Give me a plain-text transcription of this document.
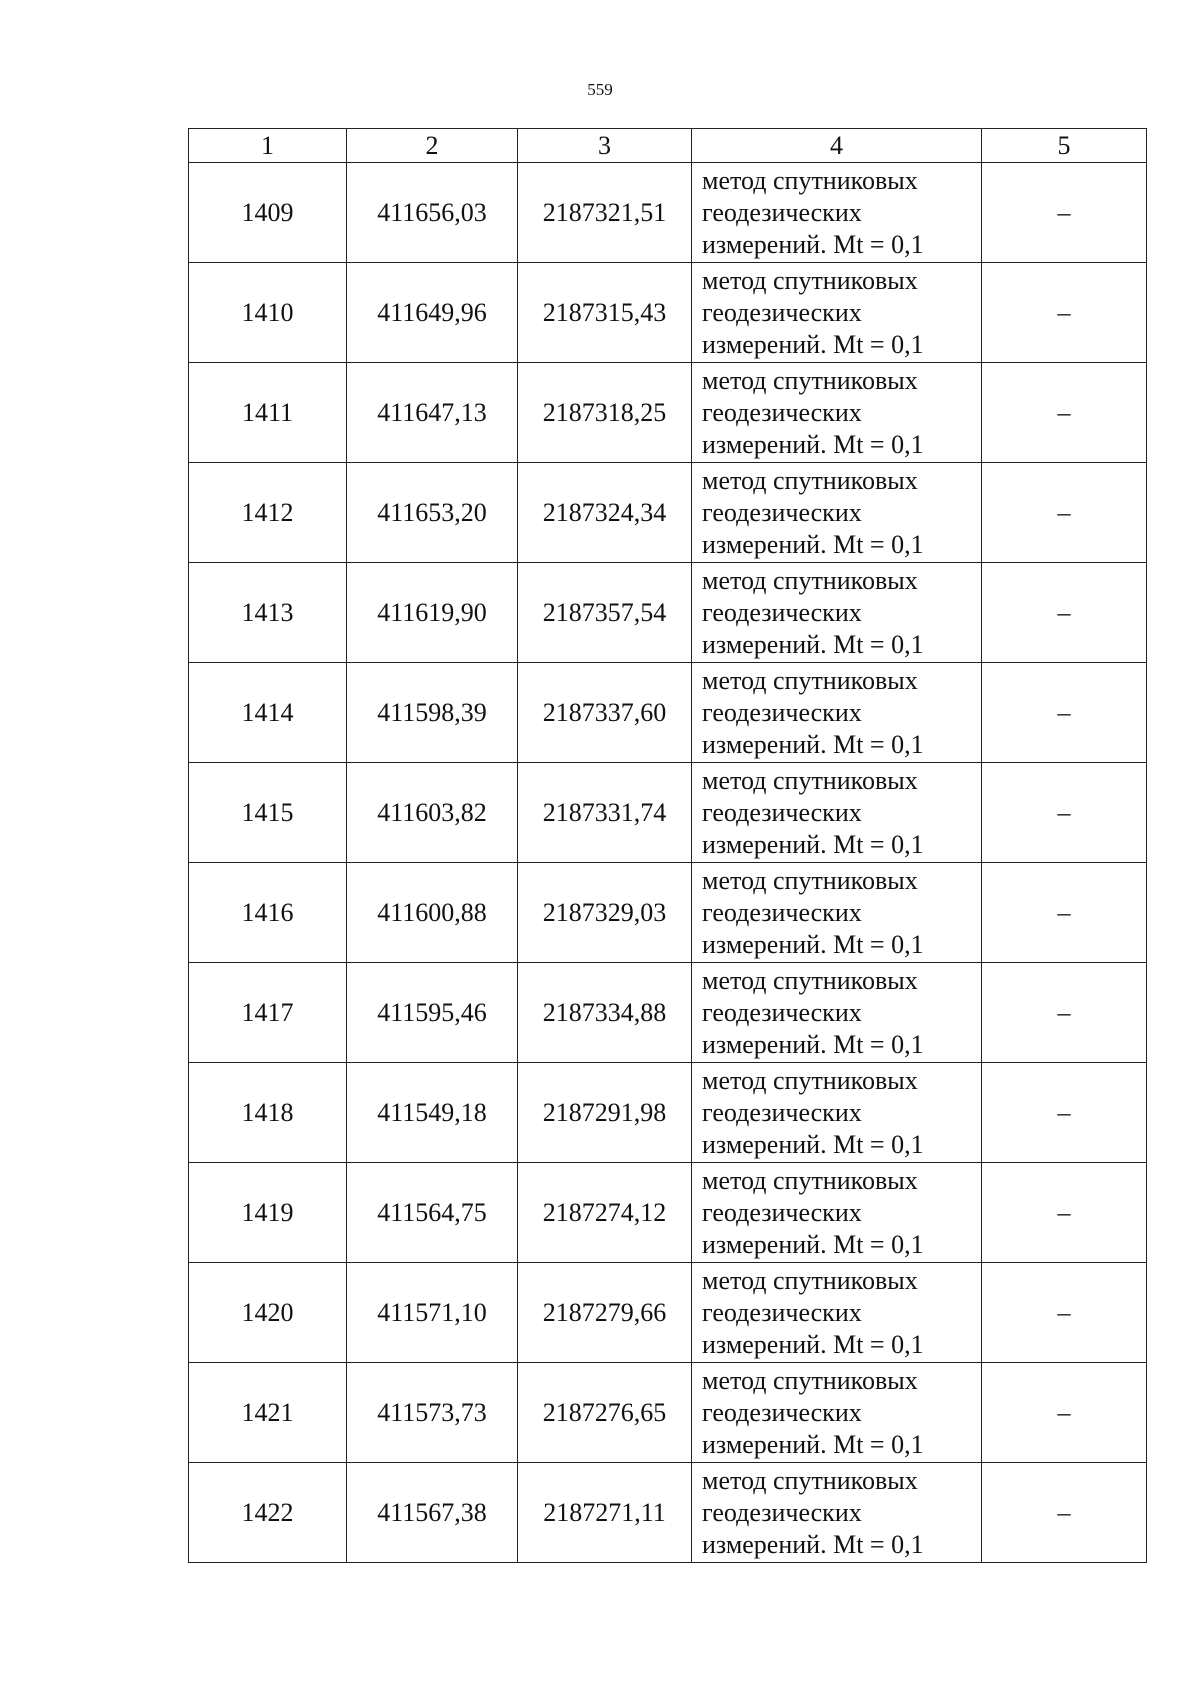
559
1	2	3	4	5
1409	411656,03	2187321,51	метод спутниковых
геодезических
измерений. Mt = 0,1	–
1410	411649,96	2187315,43	метод спутниковых
геодезических
измерений. Mt = 0,1	–
1411	411647,13	2187318,25	метод спутниковых
геодезических
измерений. Mt = 0,1	–
1412	411653,20	2187324,34	метод спутниковых
геодезических
измерений. Mt = 0,1	–
1413	411619,90	2187357,54	метод спутниковых
геодезических
измерений. Mt = 0,1	–
1414	411598,39	2187337,60	метод спутниковых
геодезических
измерений. Mt = 0,1	–
1415	411603,82	2187331,74	метод спутниковых
геодезических
измерений. Mt = 0,1	–
1416	411600,88	2187329,03	метод спутниковых
геодезических
измерений. Mt = 0,1	–
1417	411595,46	2187334,88	метод спутниковых
геодезических
измерений. Mt = 0,1	–
1418	411549,18	2187291,98	метод спутниковых
геодезических
измерений. Mt = 0,1	–
1419	411564,75	2187274,12	метод спутниковых
геодезических
измерений. Mt = 0,1	–
1420	411571,10	2187279,66	метод спутниковых
геодезических
измерений. Mt = 0,1	–
1421	411573,73	2187276,65	метод спутниковых
геодезических
измерений. Mt = 0,1	–
1422	411567,38	2187271,11	метод спутниковых
геодезических
измерений. Mt = 0,1	–
